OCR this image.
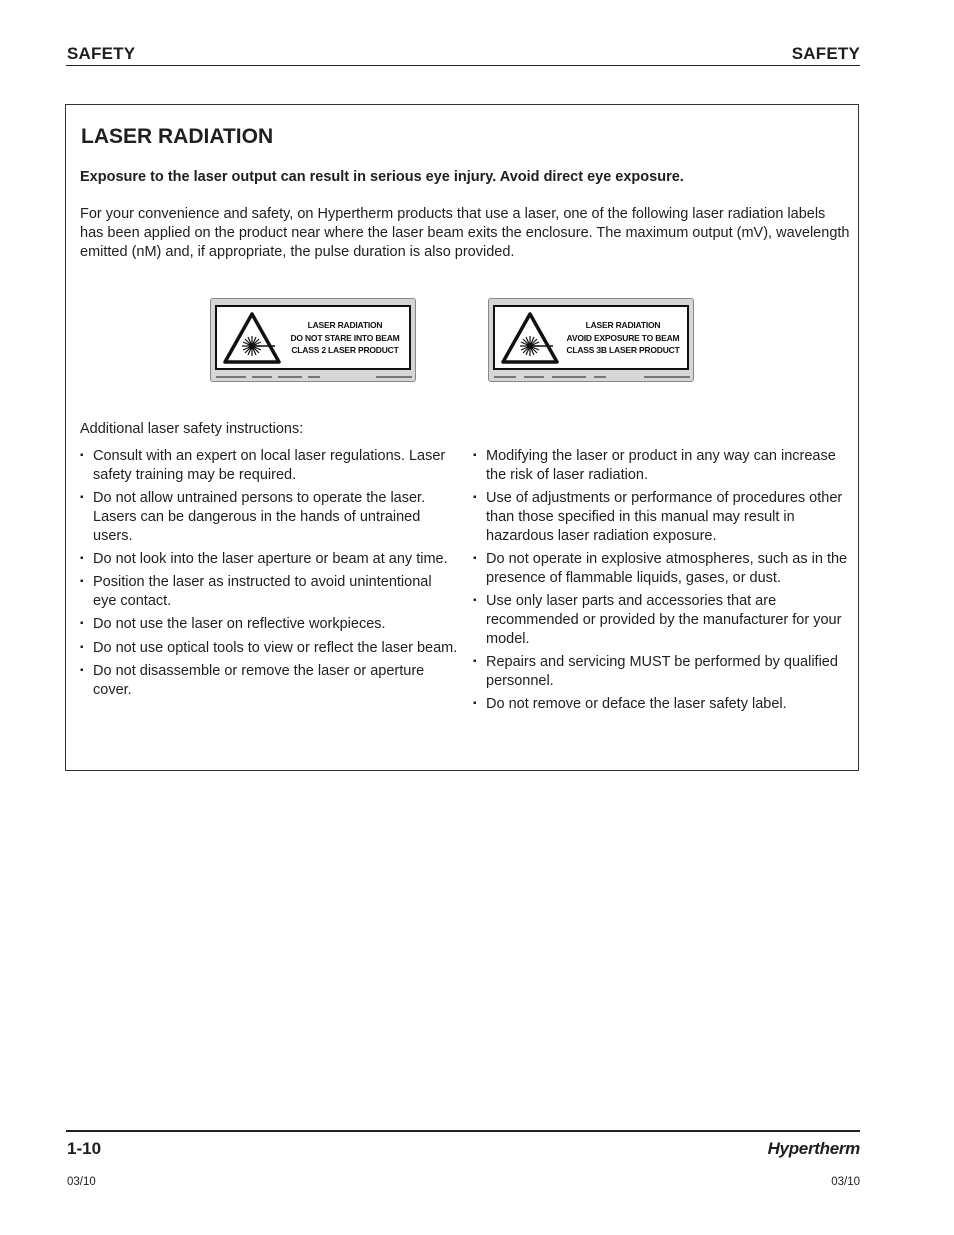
SAFETY	SAFETY
LASER RADIATION

Exposure to the laser output can result in serious eye injury. Avoid direct eye exposure.

For your convenience and safety, on Hypertherm products that use a laser, one of the following laser radiation labels has been applied on the product near where the laser beam exits the enclosure. The maximum output (mV), wavelength emitted (nM) and, if appropriate, the pulse duration is also provided.

LASER RADIATION
DO NOT STARE INTO BEAM
CLASS 2 LASER PRODUCT
LASER RADIATION
AVOID EXPOSURE TO BEAM
CLASS 3B LASER PRODUCT

Additional laser safety instructions:

▪ Consult with an expert on local laser regulations. Laser safety training may be required.
▪ Do not allow untrained persons to operate the laser. Lasers can be dangerous in the hands of untrained users.
▪ Do not look into the laser aperture or beam at any time.
▪ Position the laser as instructed to avoid unintentional eye contact.
▪ Do not use the laser on reflective workpieces.
▪ Do not use optical tools to view or reflect the laser beam.
▪ Do not disassemble or remove the laser or aperture cover.
▪ Modifying the laser or product in any way can increase the risk of laser radiation.
▪ Use of adjustments or performance of procedures other than those specified in this manual may result in hazardous laser radiation exposure.
▪ Do not operate in explosive atmospheres, such as in the presence of flammable liquids, gases, or dust.
▪ Use only laser parts and accessories that are recommended or provided by the manufacturer for your model.
▪ Repairs and servicing MUST be performed by qualified personnel.
▪ Do not remove or deface the laser safety label.
1-10	Hypertherm
03/10	03/10
